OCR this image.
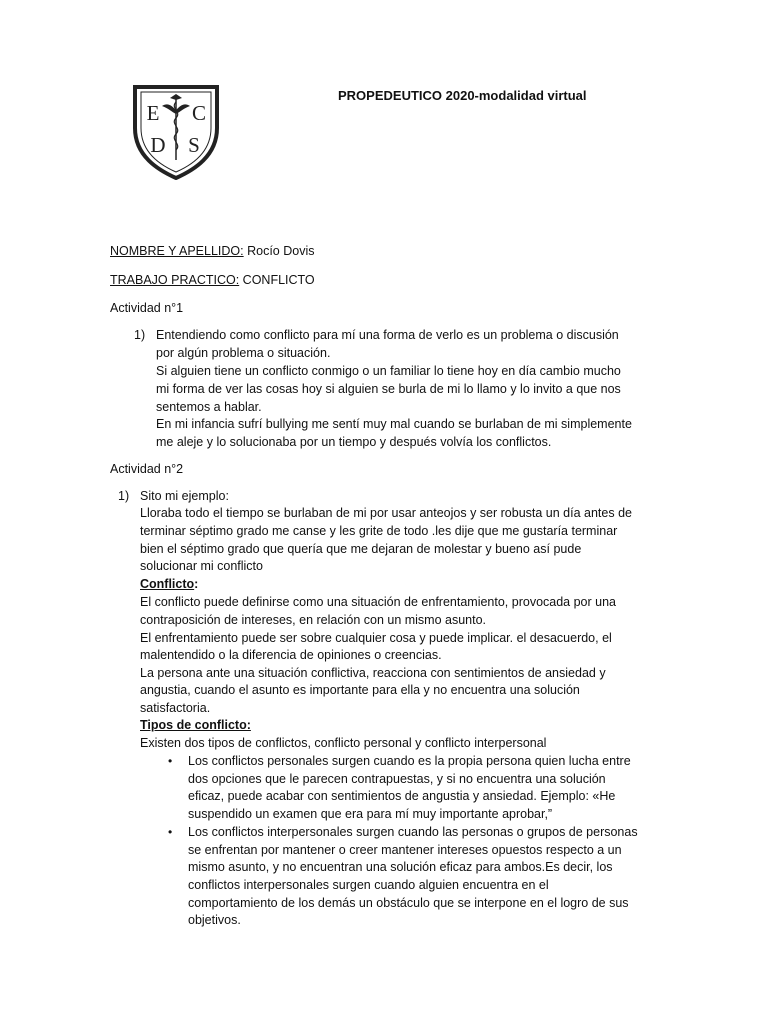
E C
D S
PROPEDEUTICO 2020-modalidad virtual
NOMBRE Y APELLIDO: Rocío Dovis
TRABAJO PRACTICO: CONFLICTO
Actividad n°1
1) Entendiendo como conflicto para mí una forma de verlo es un problema o discusión
por algún problema o situación.
Si alguien tiene un conflicto conmigo o un familiar lo tiene hoy en día cambio mucho
mi forma de ver las cosas hoy si alguien se burla de mi lo llamo y lo invito a que nos
sentemos a hablar.
En mi infancia sufrí bullying me sentí muy mal cuando se burlaban de mi simplemente
me aleje y lo solucionaba por un tiempo y después volvía los conflictos.
Actividad n°2
1) Sito mi ejemplo:
Lloraba todo el tiempo se burlaban de mi por usar anteojos y ser robusta un día antes de
terminar séptimo grado me canse y les grite de todo .les dije que me gustaría terminar
bien el séptimo grado que quería que me dejaran de molestar y bueno así pude
solucionar mi conflicto
Conflicto:
El conflicto puede definirse como una situación de enfrentamiento, provocada por una
contraposición de intereses, en relación con un mismo asunto.
El enfrentamiento puede ser sobre cualquier cosa y puede implicar. el desacuerdo, el
malentendido o la diferencia de opiniones o creencias.
La persona ante una situación conflictiva, reacciona con sentimientos de ansiedad y
angustia, cuando el asunto es importante para ella y no encuentra una solución
satisfactoria.
Tipos de conflicto:
Existen dos tipos de conflictos, conflicto personal y conflicto interpersonal
• Los conflictos personales surgen cuando es la propia persona quien lucha entre
dos opciones que le parecen contrapuestas, y si no encuentra una solución
eficaz, puede acabar con sentimientos de angustia y ansiedad. Ejemplo: «He
suspendido un examen que era para mí muy importante aprobar,”
• Los conflictos interpersonales surgen cuando las personas o grupos de personas
se enfrentan por mantener o creer mantener intereses opuestos respecto a un
mismo asunto, y no encuentran una solución eficaz para ambos.Es decir, los
conflictos interpersonales surgen cuando alguien encuentra en el
comportamiento de los demás un obstáculo que se interpone en el logro de sus
objetivos.
